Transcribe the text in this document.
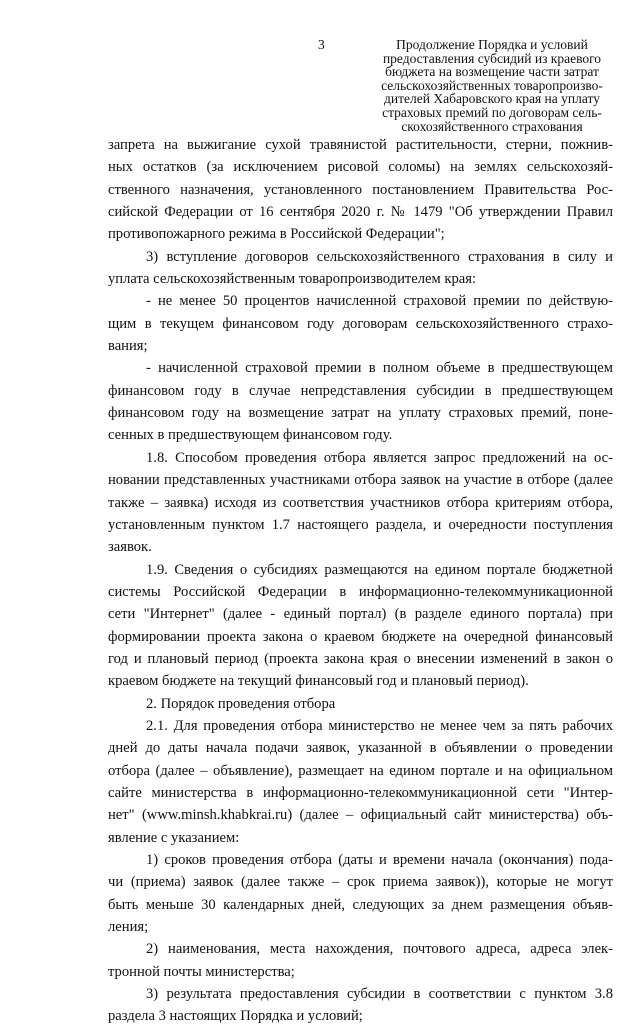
3	Продолжение Порядка и условий
предоставления субсидий из краевого
бюджета на возмещение части затрат
сельскохозяйственных товаропроизво-
дителей Хабаровского края на уплату
страховых премий по договорам сель-
скохозяйственного страхования
запрета на выжигание сухой травянистой растительности, стерни, пожнив-
ных остатков (за исключением рисовой соломы) на землях сельскохозяй-
ственного назначения, установленного постановлением Правительства Рос-
сийской Федерации от 16 сентября 2020 г. № 1479 "Об утверждении Правил
противопожарного режима в Российской Федерации";
3) вступление договоров сельскохозяйственного страхования в силу и
уплата сельскохозяйственным товаропроизводителем края:
- не менее 50 процентов начисленной страховой премии по действую-
щим в текущем финансовом году договорам сельскохозяйственного страхо-
вания;
- начисленной страховой премии в полном объеме в предшествующем
финансовом году в случае непредставления субсидии в предшествующем
финансовом году на возмещение затрат на уплату страховых премий, поне-
сенных в предшествующем финансовом году.
1.8. Способом проведения отбора является запрос предложений на ос-
новании представленных участниками отбора заявок на участие в отборе (далее
также – заявка) исходя из соответствия участников отбора критериям отбора,
установленным пунктом 1.7 настоящего раздела, и очередности поступления
заявок.
1.9. Сведения о субсидиях размещаются на едином портале бюджетной
системы Российской Федерации в информационно-телекоммуникационной
сети "Интернет" (далее - единый портал) (в разделе единого портала) при
формировании проекта закона о краевом бюджете на очередной финансовый
год и плановый период (проекта закона края о внесении изменений в закон о
краевом бюджете на текущий финансовый год и плановый период).
2. Порядок проведения отбора
2.1. Для проведения отбора министерство не менее чем за пять рабочих
дней до даты начала подачи заявок, указанной в объявлении о проведении
отбора (далее – объявление), размещает на едином портале и на официальном
сайте министерства в информационно-телекоммуникационной сети "Интер-
нет" (www.minsh.khabkrai.ru) (далее – официальный сайт министерства) объ-
явление с указанием:
1) сроков проведения отбора (даты и времени начала (окончания) пода-
чи (приема) заявок (далее также – срок приема заявок)), которые не могут
быть меньше 30 календарных дней, следующих за днем размещения объяв-
ления;
2) наименования, места нахождения, почтового адреса, адреса элек-
тронной почты министерства;
3) результата предоставления субсидии в соответствии с пунктом 3.8
раздела 3 настоящих Порядка и условий;
